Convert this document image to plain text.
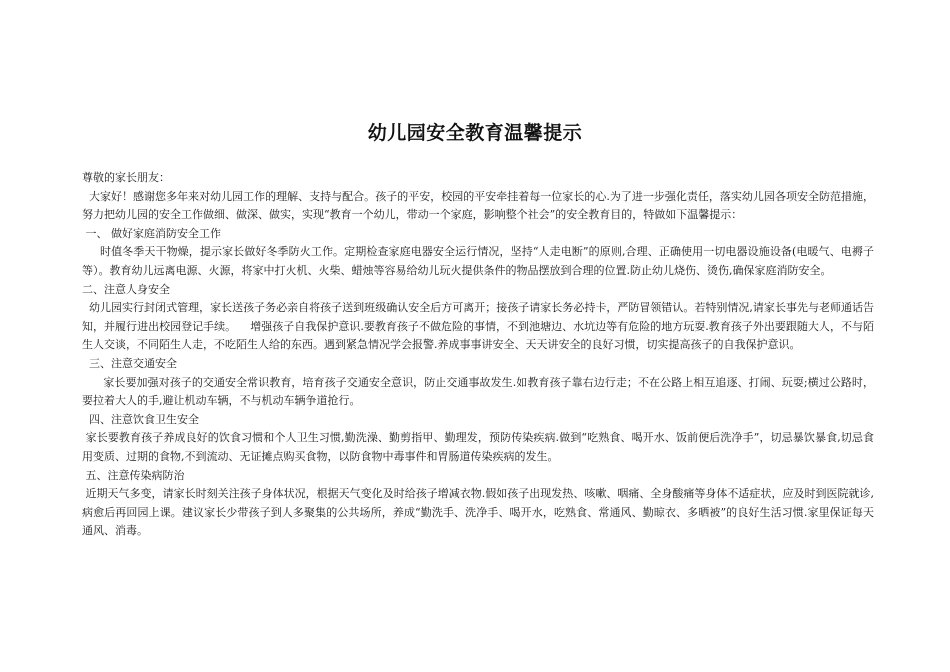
幼儿园安全教育温馨提示

尊敬的家长朋友：

大家好！感谢您多年来对幼儿园工作的理解、支持与配合。孩子的平安，校园的平安牵挂着每一位家长的心.为了进一步强化责任，落实幼儿园各项安全防范措施，努力把幼儿园的安全工作做细、做深、做实，实现“教育一个幼儿，带动一个家庭，影响整个社会”的安全教育目的，特做如下温馨提示：

一、 做好家庭消防安全工作

时值冬季天干物燥，提示家长做好冬季防火工作。定期检查家庭电器安全运行情况，坚持“人走电断”的原则,合理、正确使用一切电器设施设备(电暖气、电褥子等）。教育幼儿远离电源、火源，将家中打火机、火柴、蜡烛等容易给幼儿玩火提供条件的物品摆放到合理的位置.防止幼儿烧伤、烫伤,确保家庭消防安全。

二、注意人身安全

幼儿园实行封闭式管理，家长送孩子务必亲自将孩子送到班级确认安全后方可离开；接孩子请家长务必持卡，严防冒领错认。若特别情况,请家长事先与老师通话告知，并履行进出校园登记手续。    增强孩子自我保护意识.要教育孩子不做危险的事情，不到池塘边、水坑边等有危险的地方玩耍.教育孩子外出要跟随大人，不与陌生人交谈，不同陌生人走，不吃陌生人给的东西。遇到紧急情况学会报警.养成事事讲安全、天天讲安全的良好习惯，切实提高孩子的自我保护意识。

三、注意交通安全

家长要加强对孩子的交通安全常识教育，培育孩子交通安全意识，防止交通事故发生.如教育孩子靠右边行走；不在公路上相互追逐、打闹、玩耍;横过公路时，要拉着大人的手,避让机动车辆，不与机动车辆争道抢行。

四、注意饮食卫生安全

家长要教育孩子养成良好的饮食习惯和个人卫生习惯,勤洗澡、勤剪指甲、勤理发，预防传染疾病.做到“吃熟食、喝开水、饭前便后洗净手”，切忌暴饮暴食,切忌食用变质、过期的食物,不到流动、无证摊点购买食物，以防食物中毒事件和胃肠道传染疾病的发生。

五、注意传染病防治

近期天气多变，请家长时刻关注孩子身体状况，根据天气变化及时给孩子增减衣物.假如孩子出现发热、咳嗽、咽痛、全身酸痛等身体不适症状，应及时到医院就诊,病愈后再回园上课。建议家长少带孩子到人多聚集的公共场所，养成“勤洗手、洗净手、喝开水，吃熟食、常通风、勤晾衣、多晒被”的良好生活习惯.家里保证每天通风、消毒。
